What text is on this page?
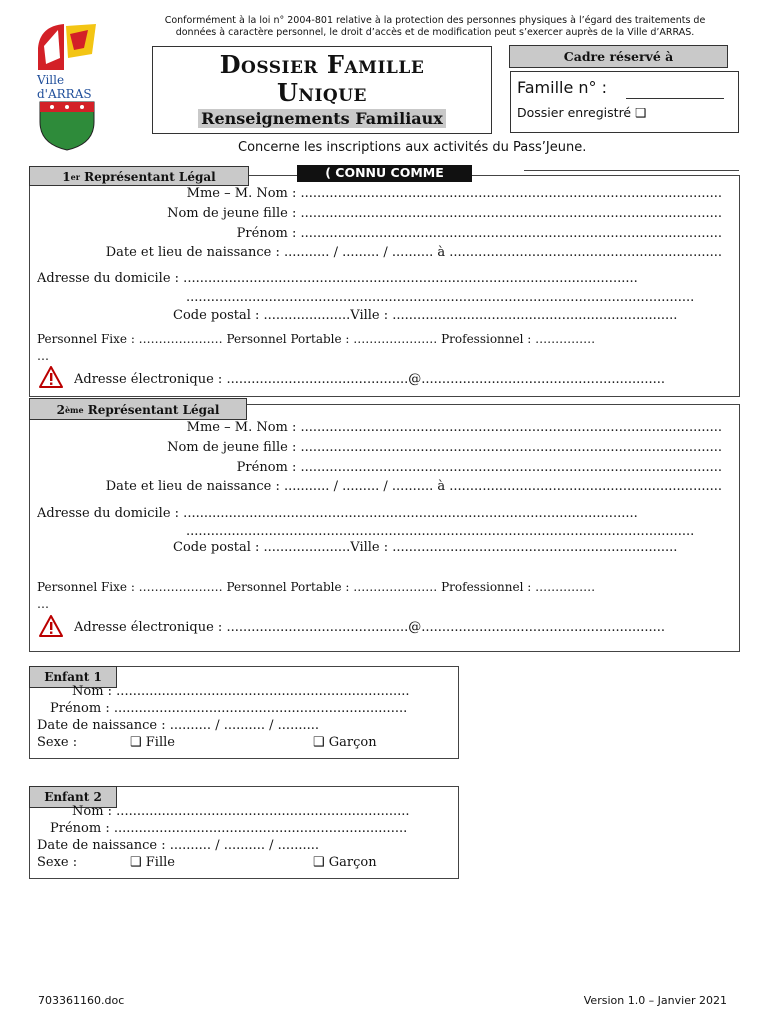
Ville
d'ARRAS
Conformément à la loi n° 2004-801 relative à la protection des personnes physiques à l’égard des traitements de
données à caractère personnel, le droit d’accès et de modification peut s’exercer auprès de la Ville d’ARRAS.
Dossier Famille
Unique
Renseignements Familiaux
Cadre réservé à
Famille n° :
Dossier enregistré ❑
Concerne les inscriptions aux activités du Pass’Jeune.
1er Représentant Légal	( CONNU COMME
Mme – M. Nom : ......................................................................................................
Nom de jeune fille : ......................................................................................................
Prénom : ......................................................................................................
Date et lieu de naissance : ........... / ......... / .......... à ..................................................................
Adresse du domicile : ..............................................................................................................
...........................................................................................................................
Code postal : .....................Ville : .....................................................................
Personnel Fixe : ………………… Personnel Portable : ………………… Professionnel : ……………
…
Adresse électronique : ............................................@...........................................................
2ème Représentant Légal
Mme – M. Nom : ......................................................................................................
Nom de jeune fille : ......................................................................................................
Prénom : ......................................................................................................
Date et lieu de naissance : ........... / ......... / .......... à ..................................................................
Adresse du domicile : ..............................................................................................................
...........................................................................................................................
Code postal : .....................Ville : .....................................................................
Personnel Fixe : ………………… Personnel Portable : ………………… Professionnel : ……………
…
Adresse électronique : ............................................@...........................................................
Enfant 1
Nom : .......................................................................
Prénom : .......................................................................
Date de naissance : .......... / .......... / ..........
Sexe :	❑ Fille	❑ Garçon
Enfant 2
Nom : .......................................................................
Prénom : .......................................................................
Date de naissance : .......... / .......... / ..........
Sexe :	❑ Fille	❑ Garçon
703361160.doc	Version 1.0 – Janvier 2021
